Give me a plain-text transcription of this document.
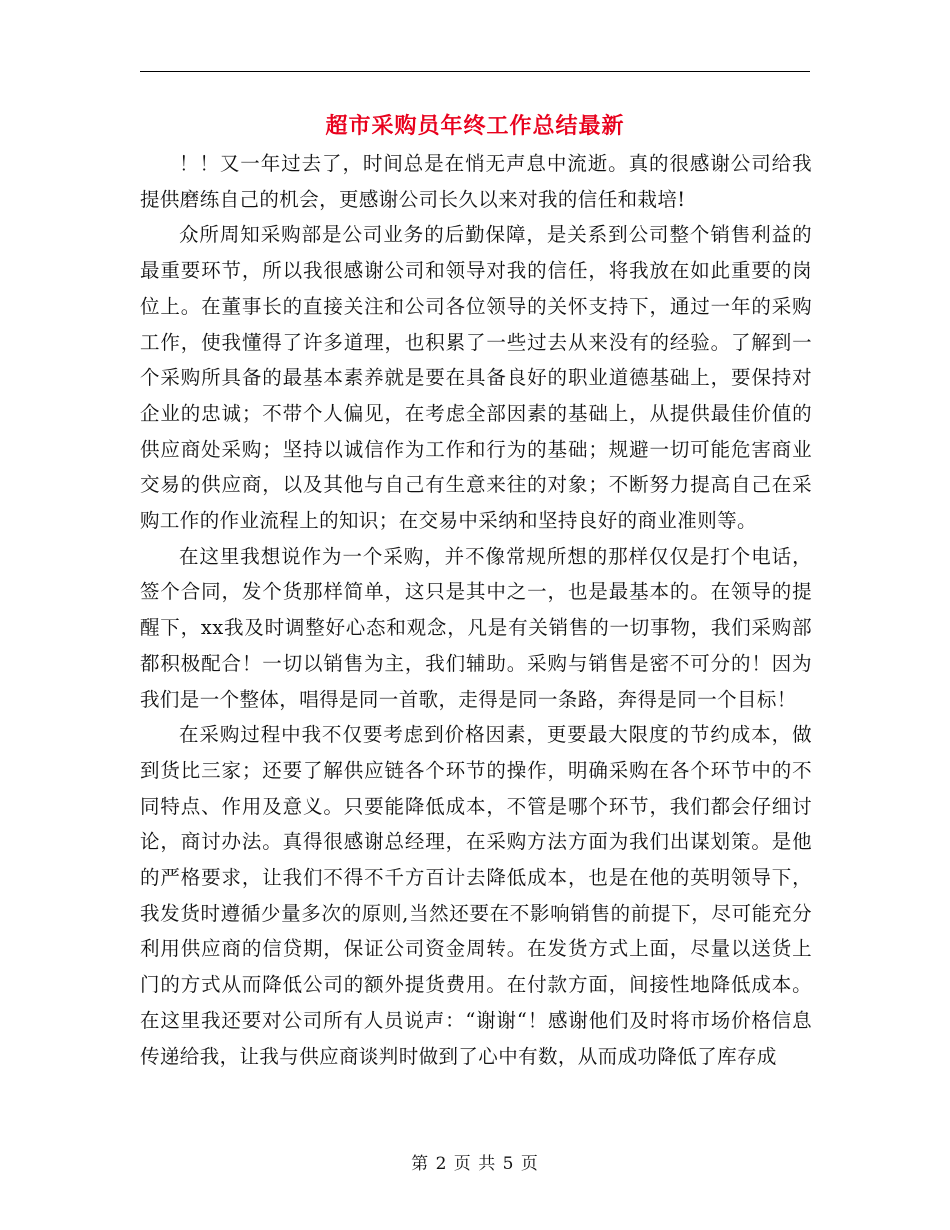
超市采购员年终工作总结最新

！！又一年过去了，时间总是在悄无声息中流逝。真的很感谢公司给我提供磨练自己的机会，更感谢公司长久以来对我的信任和栽培!

众所周知采购部是公司业务的后勤保障，是关系到公司整个销售利益的最重要环节，所以我很感谢公司和领导对我的信任，将我放在如此重要的岗位上。在董事长的直接关注和公司各位领导的关怀支持下，通过一年的采购工作，使我懂得了许多道理，也积累了一些过去从来没有的经验。了解到一个采购所具备的最基本素养就是要在具备良好的职业道德基础上，要保持对企业的忠诚；不带个人偏见，在考虑全部因素的基础上，从提供最佳价值的供应商处采购；坚持以诚信作为工作和行为的基础；规避一切可能危害商业交易的供应商，以及其他与自己有生意来往的对象；不断努力提高自己在采购工作的作业流程上的知识；在交易中采纳和坚持良好的商业准则等。

在这里我想说作为一个采购，并不像常规所想的那样仅仅是打个电话，签个合同，发个货那样简单，这只是其中之一，也是最基本的。在领导的提醒下，xx我及时调整好心态和观念，凡是有关销售的一切事物，我们采购部都积极配合！一切以销售为主，我们辅助。采购与销售是密不可分的！因为我们是一个整体，唱得是同一首歌，走得是同一条路，奔得是同一个目标！

在采购过程中我不仅要考虑到价格因素，更要最大限度的节约成本，做到货比三家；还要了解供应链各个环节的操作，明确采购在各个环节中的不同特点、作用及意义。只要能降低成本，不管是哪个环节，我们都会仔细讨论，商讨办法。真得很感谢总经理，在采购方法方面为我们出谋划策。是他的严格要求，让我们不得不千方百计去降低成本，也是在他的英明领导下，我发货时遵循少量多次的原则,当然还要在不影响销售的前提下，尽可能充分利用供应商的信贷期，保证公司资金周转。在发货方式上面，尽量以送货上门的方式从而降低公司的额外提货费用。在付款方面，间接性地降低成本。在这里我还要对公司所有人员说声：“谢谢“！感谢他们及时将市场价格信息传递给我，让我与供应商谈判时做到了心中有数，从而成功降低了库存成

第 2 页 共 5 页
